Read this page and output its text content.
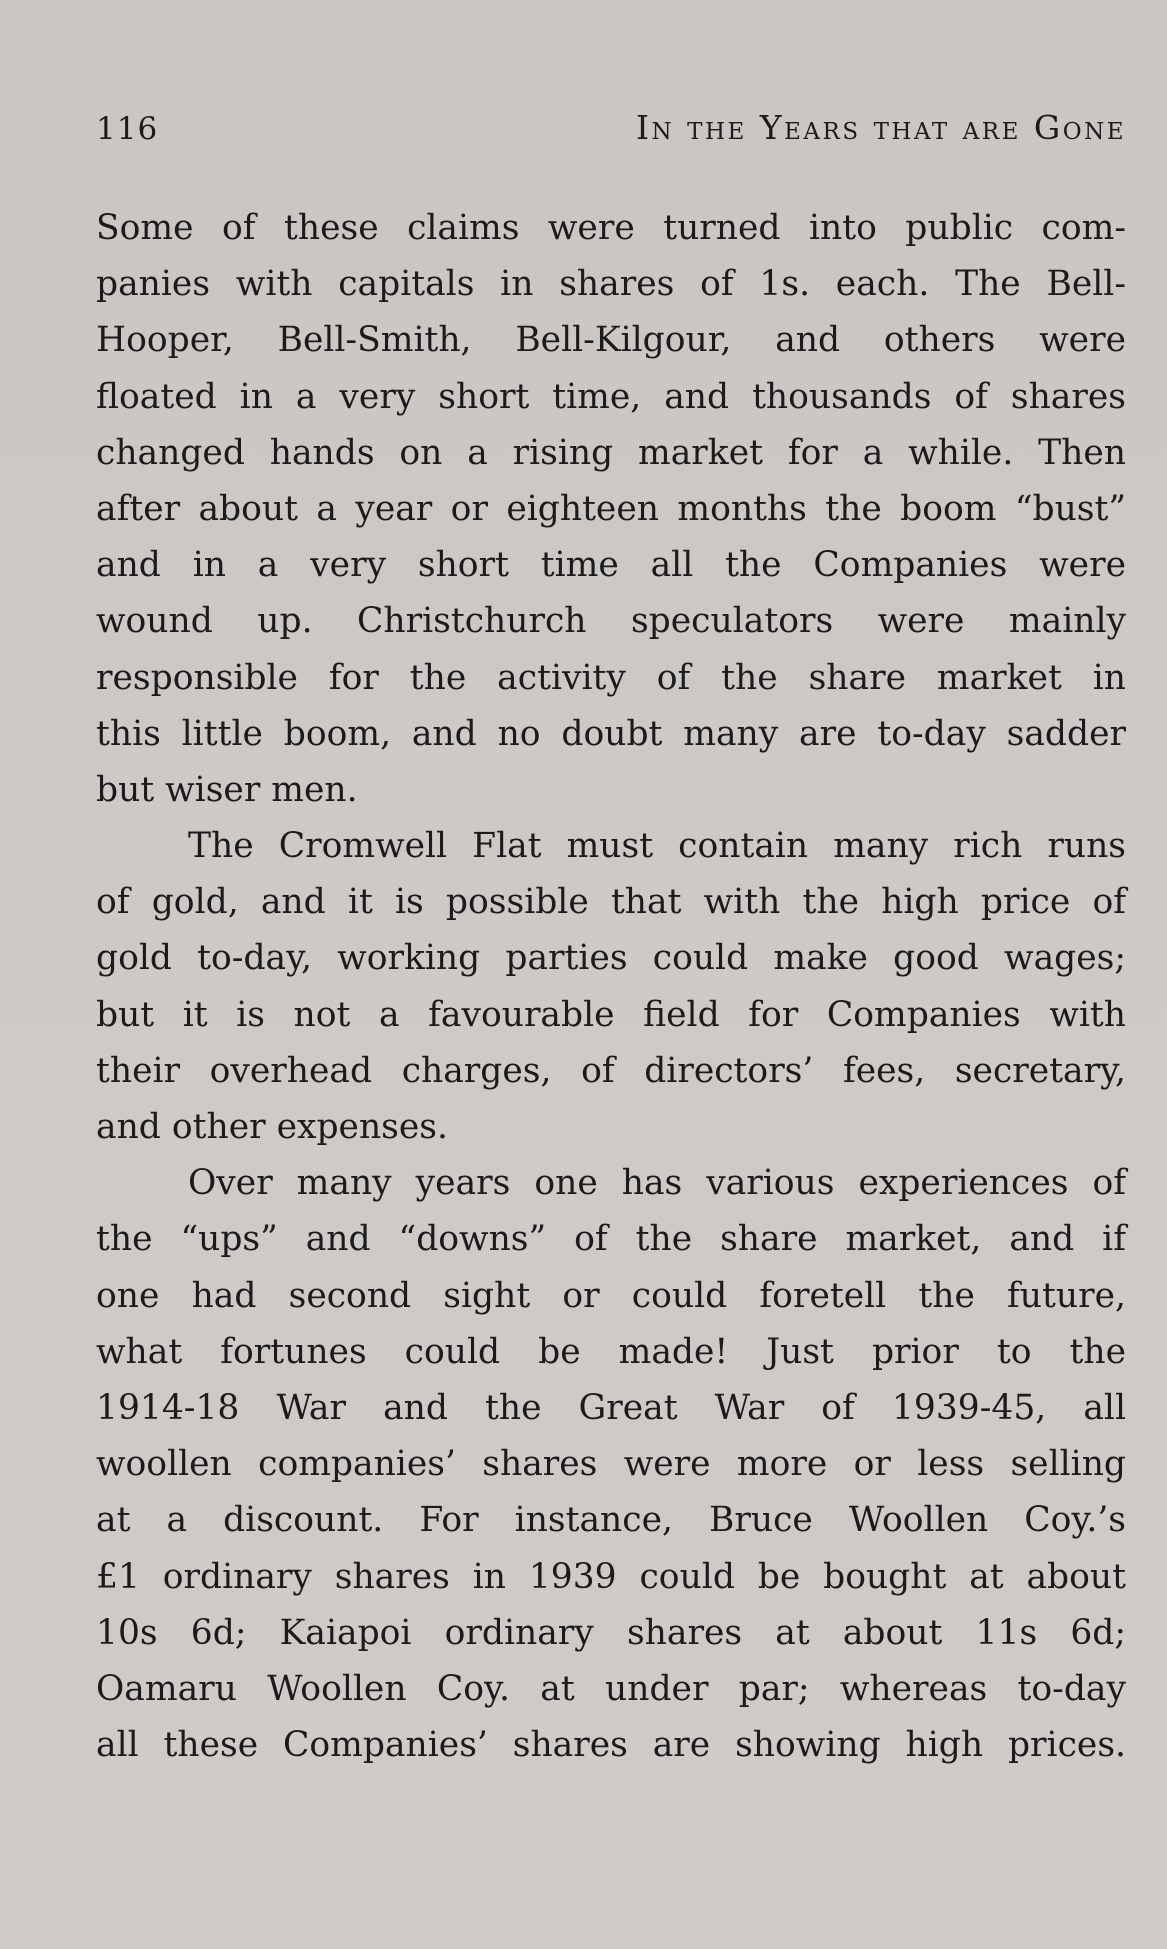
116	In the Years that are Gone
Some of these claims were turned into public com-
panies with capitals in shares of 1s. each. The Bell-
Hooper, Bell-Smith, Bell-Kilgour, and others were
floated in a very short time, and thousands of shares
changed hands on a rising market for a while. Then
after about a year or eighteen months the boom “bust”
and in a very short time all the Companies were
wound up. Christchurch speculators were mainly
responsible for the activity of the share market in
this little boom, and no doubt many are to-day sadder
but wiser men.
The Cromwell Flat must contain many rich runs
of gold, and it is possible that with the high price of
gold to-day, working parties could make good wages;
but it is not a favourable field for Companies with
their overhead charges, of directors’ fees, secretary,
and other expenses.
Over many years one has various experiences of
the “ups” and “downs” of the share market, and if
one had second sight or could foretell the future,
what fortunes could be made! Just prior to the
1914-18 War and the Great War of 1939-45, all
woollen companies’ shares were more or less selling
at a discount. For instance, Bruce Woollen Coy.’s
£1 ordinary shares in 1939 could be bought at about
10s 6d; Kaiapoi ordinary shares at about 11s 6d;
Oamaru Woollen Coy. at under par; whereas to-day
all these Companies’ shares are showing high prices.
